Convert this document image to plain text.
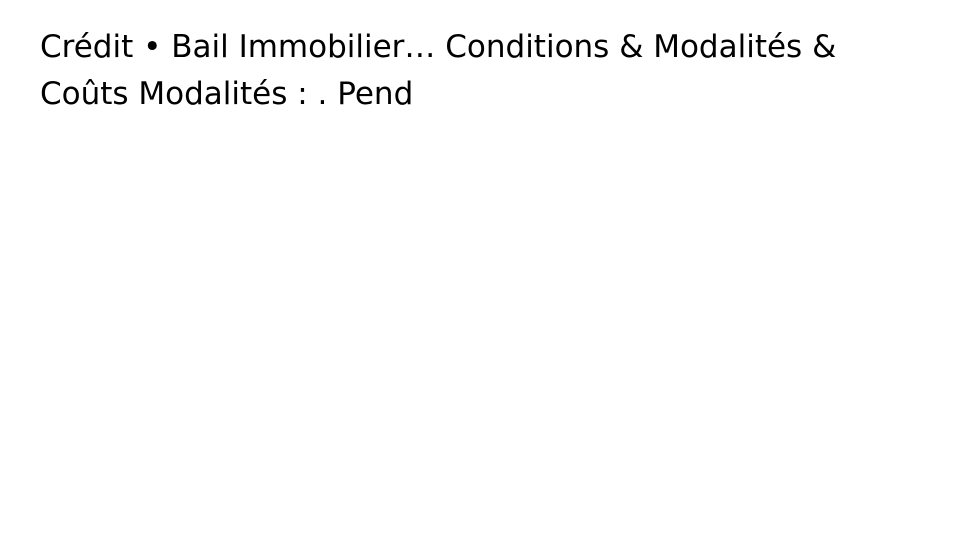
Crédit • Bail Immobilier… Conditions & Modalités & Coûts Modalités : . Pend
